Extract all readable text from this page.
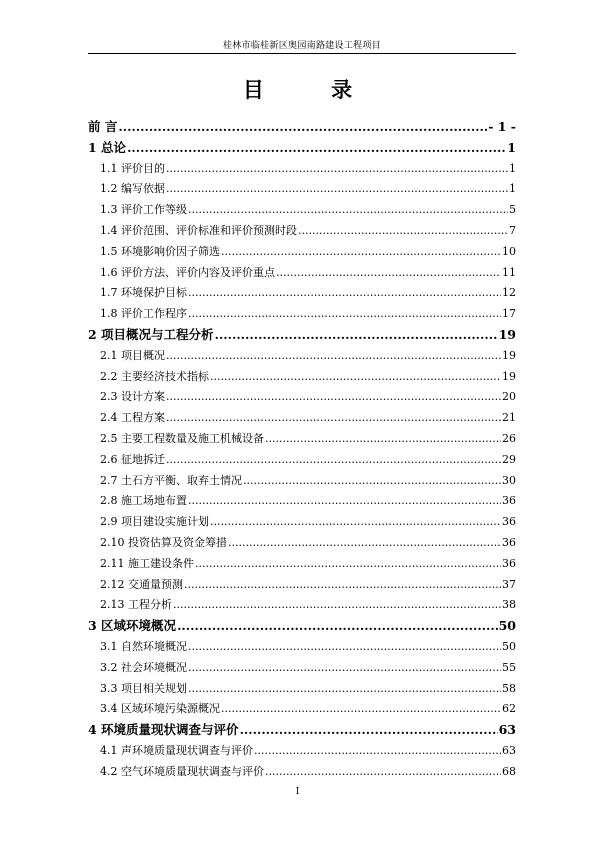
桂林市临桂新区奥园南路建设工程项目
目 录
前 言 .....	- 1 -
1 总论 .....	1
1.1 评价目的 .....	1
1.2 编写依据 .....	1
1.3 评价工作等级 .....	5
1.4 评价范围、评价标准和评价预测时段 .....	7
1.5 环境影响价因子筛选 .....	10
1.6 评价方法、评价内容及评价重点 .....	11
1.7 环境保护目标 .....	12
1.8 评价工作程序 .....	17
2 项目概况与工程分析 .....	19
2.1 项目概况 .....	19
2.2 主要经济技术指标 .....	19
2.3 设计方案 .....	20
2.4 工程方案 .....	21
2.5 主要工程数量及施工机械设备 .....	26
2.6 征地拆迁 .....	29
2.7 土石方平衡、取弃土情况 .....	30
2.8 施工场地布置 .....	36
2.9 项目建设实施计划 .....	36
2.10 投资估算及资金筹措 .....	36
2.11 施工建设条件 .....	36
2.12 交通量预测 .....	37
2.13 工程分析 .....	38
3 区域环境概况 .....	50
3.1 自然环境概况 .....	50
3.2 社会环境概况 .....	55
3.3 项目相关规划 .....	58
3.4 区域环境污染源概况 .....	62
4 环境质量现状调查与评价 .....	63
4.1 声环境质量现状调查与评价 .....	63
4.2 空气环境质量现状调查与评价 .....	68
I
